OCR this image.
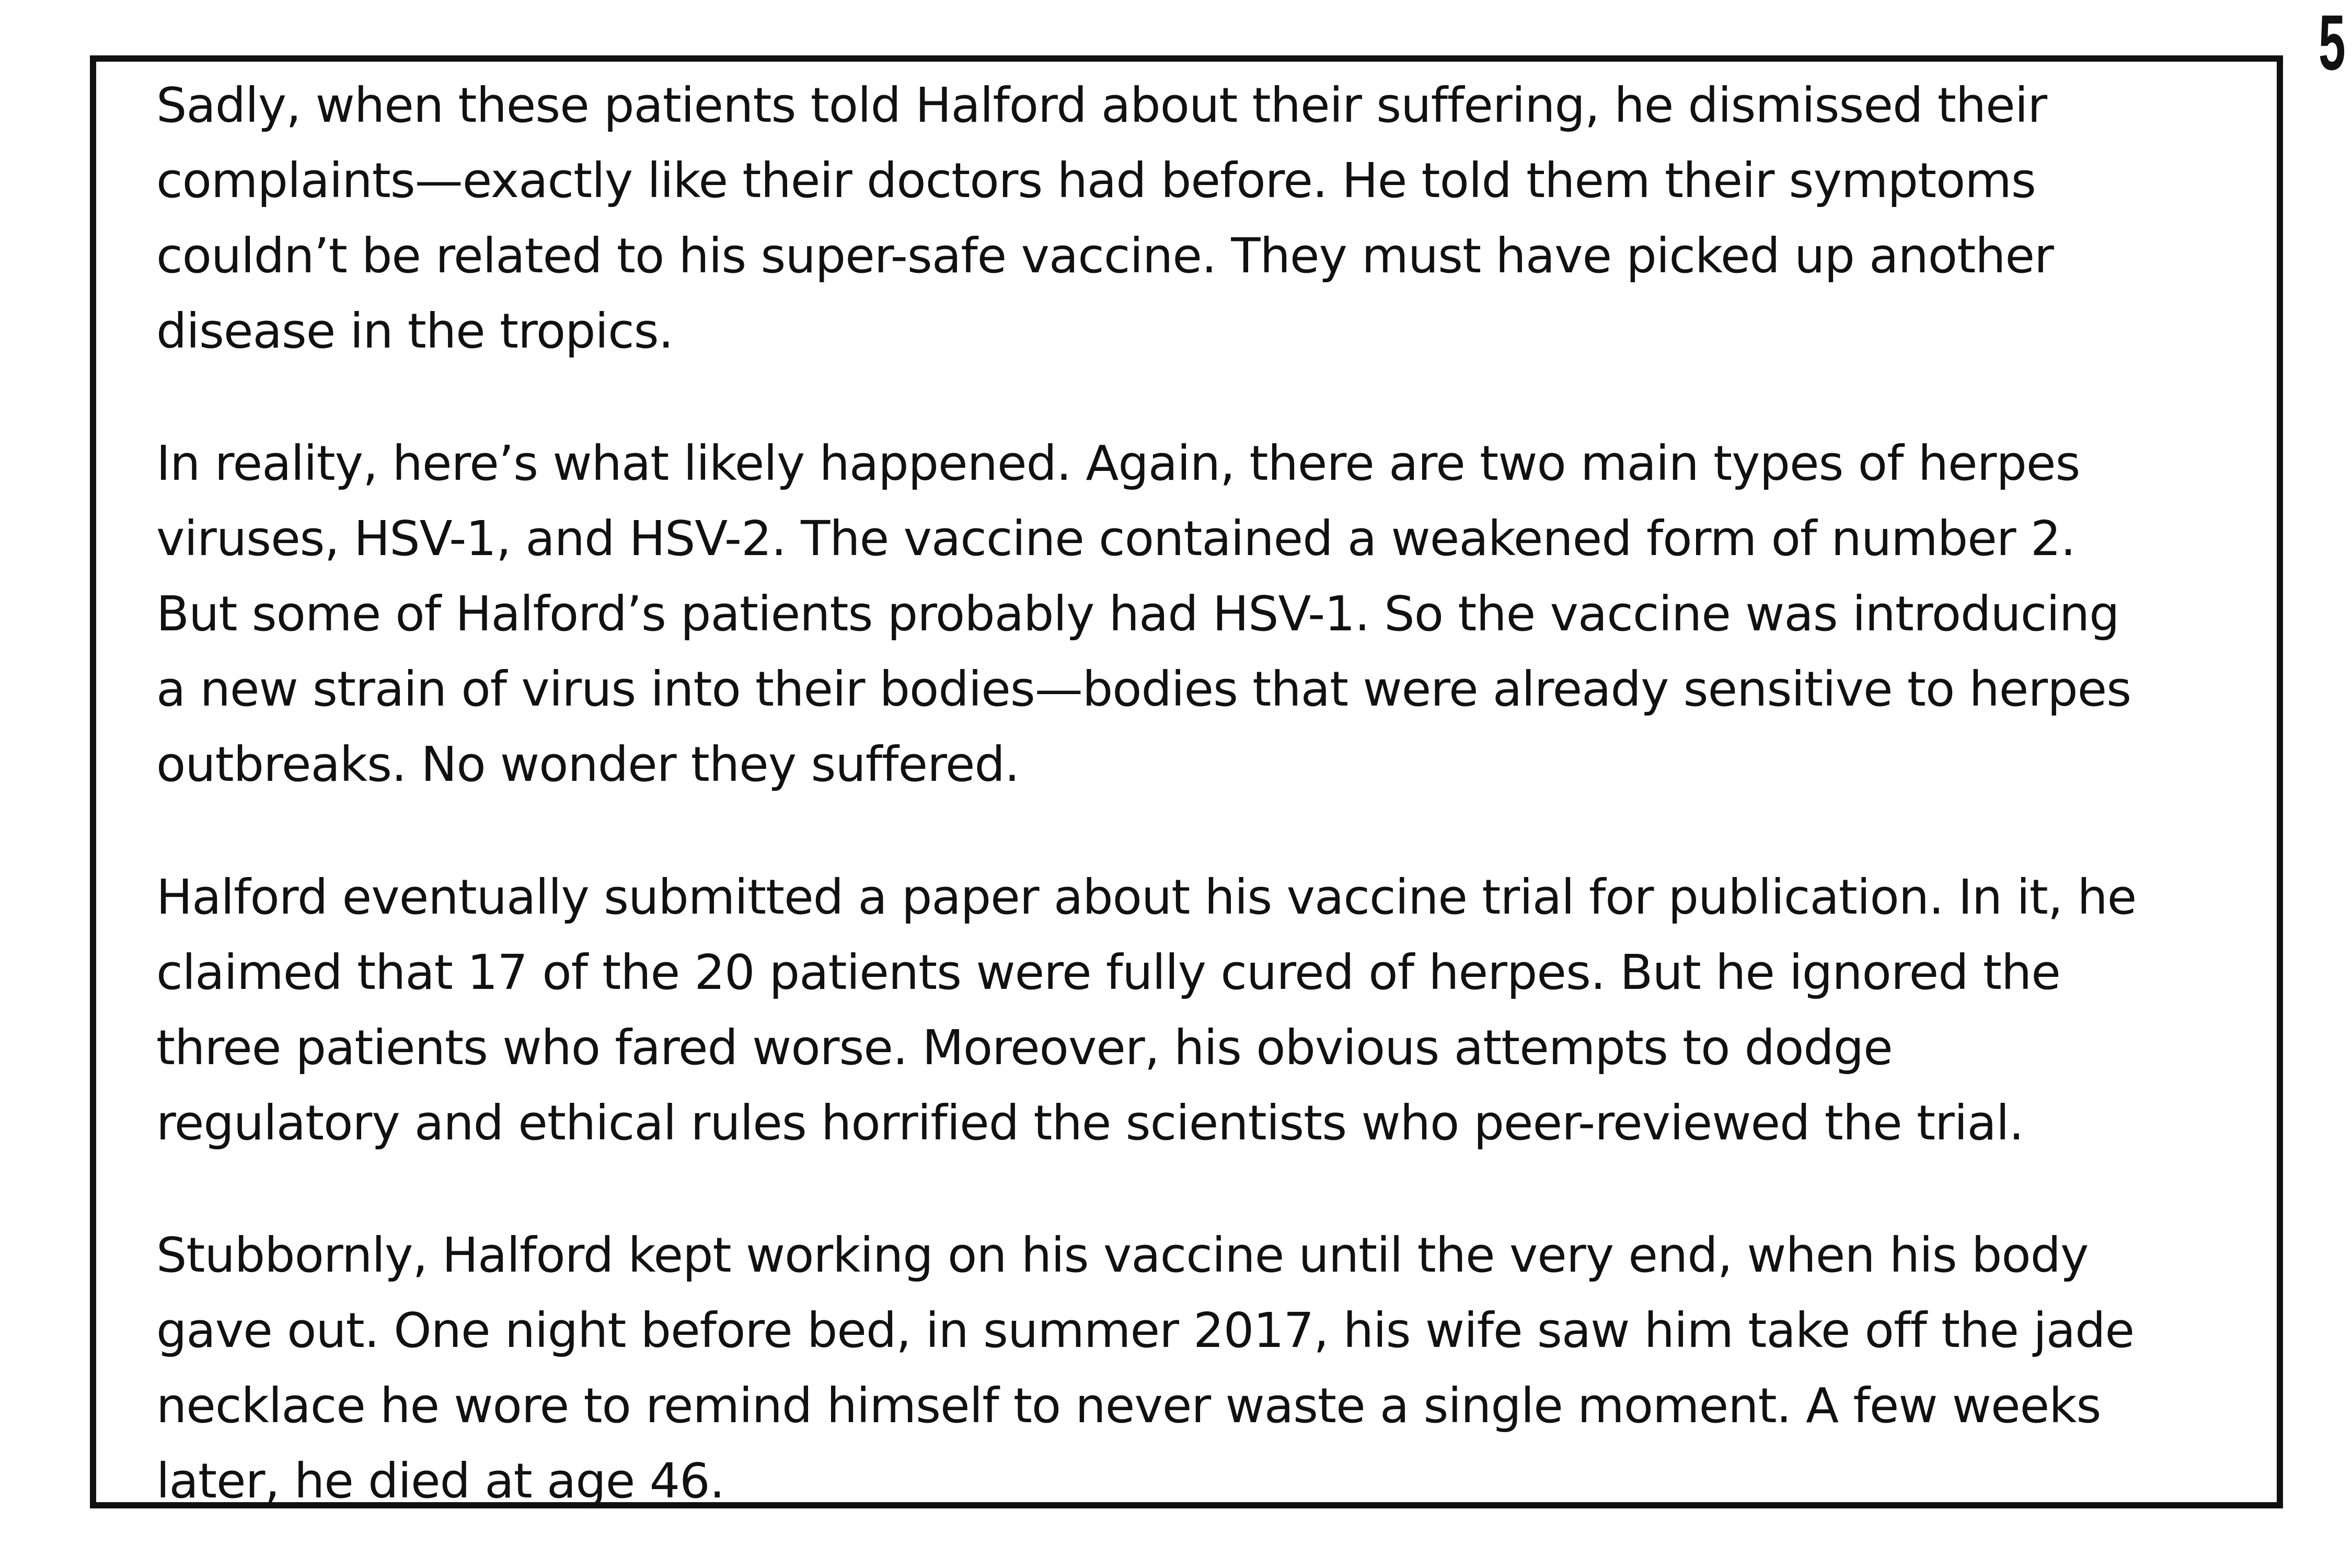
5

Sadly, when these patients told Halford about their suffering, he dismissed their
complaints—exactly like their doctors had before. He told them their symptoms
couldn’t be related to his super-safe vaccine. They must have picked up another
disease in the tropics.

In reality, here’s what likely happened. Again, there are two main types of herpes
viruses, HSV-1, and HSV-2. The vaccine contained a weakened form of number 2.
But some of Halford’s patients probably had HSV-1. So the vaccine was introducing
a new strain of virus into their bodies—bodies that were already sensitive to herpes
outbreaks. No wonder they suffered.

Halford eventually submitted a paper about his vaccine trial for publication. In it, he
claimed that 17 of the 20 patients were fully cured of herpes. But he ignored the
three patients who fared worse. Moreover, his obvious attempts to dodge
regulatory and ethical rules horrified the scientists who peer-reviewed the trial.

Stubbornly, Halford kept working on his vaccine until the very end, when his body
gave out. One night before bed, in summer 2017, his wife saw him take off the jade
necklace he wore to remind himself to never waste a single moment. A few weeks
later, he died at age 46.
